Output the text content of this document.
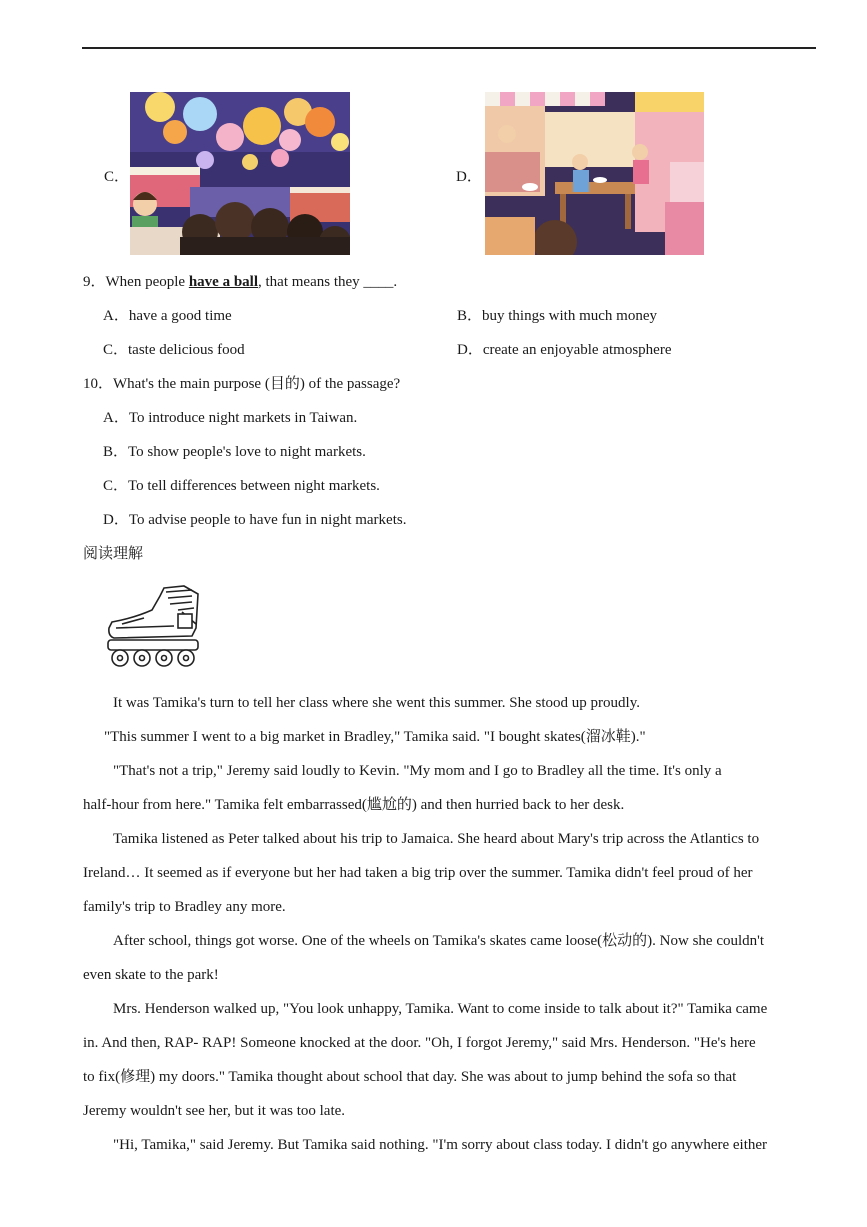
C．	D．
9．When people have a ball, that means they ____.
A．have a good time	B．buy things with much money
C．taste delicious food	D．create an enjoyable atmosphere
10．What's the main purpose (目的) of the passage?
A．To introduce night markets in Taiwan.
B．To show people's love to night markets.
C．To tell differences between night markets.
D．To advise people to have fun in night markets.
阅读理解
It was Tamika's turn to tell her class where she went this summer. She stood up proudly.
"This summer I went to a big market in Bradley," Tamika said. "I bought skates(溜冰鞋)."
"That's not a trip," Jeremy said loudly to Kevin. "My mom and I go to Bradley all the time. It's only a
half-hour from here." Tamika felt embarrassed(尴尬的) and then hurried back to her desk.
Tamika listened as Peter talked about his trip to Jamaica. She heard about Mary's trip across the Atlantics to
Ireland… It seemed as if everyone but her had taken a big trip over the summer. Tamika didn't feel proud of her
family's trip to Bradley any more.
After school, things got worse. One of the wheels on Tamika's skates came loose(松动的). Now she couldn't
even skate to the park!
Mrs. Henderson walked up, "You look unhappy, Tamika. Want to come inside to talk about it?" Tamika came
in. And then, RAP- RAP! Someone knocked at the door. "Oh, I forgot Jeremy," said Mrs. Henderson. "He's here
to fix(修理) my doors." Tamika thought about school that day. She was about to jump behind the sofa so that
Jeremy wouldn't see her, but it was too late.
"Hi, Tamika," said Jeremy. But Tamika said nothing. "I'm sorry about class today. I didn't go anywhere either
